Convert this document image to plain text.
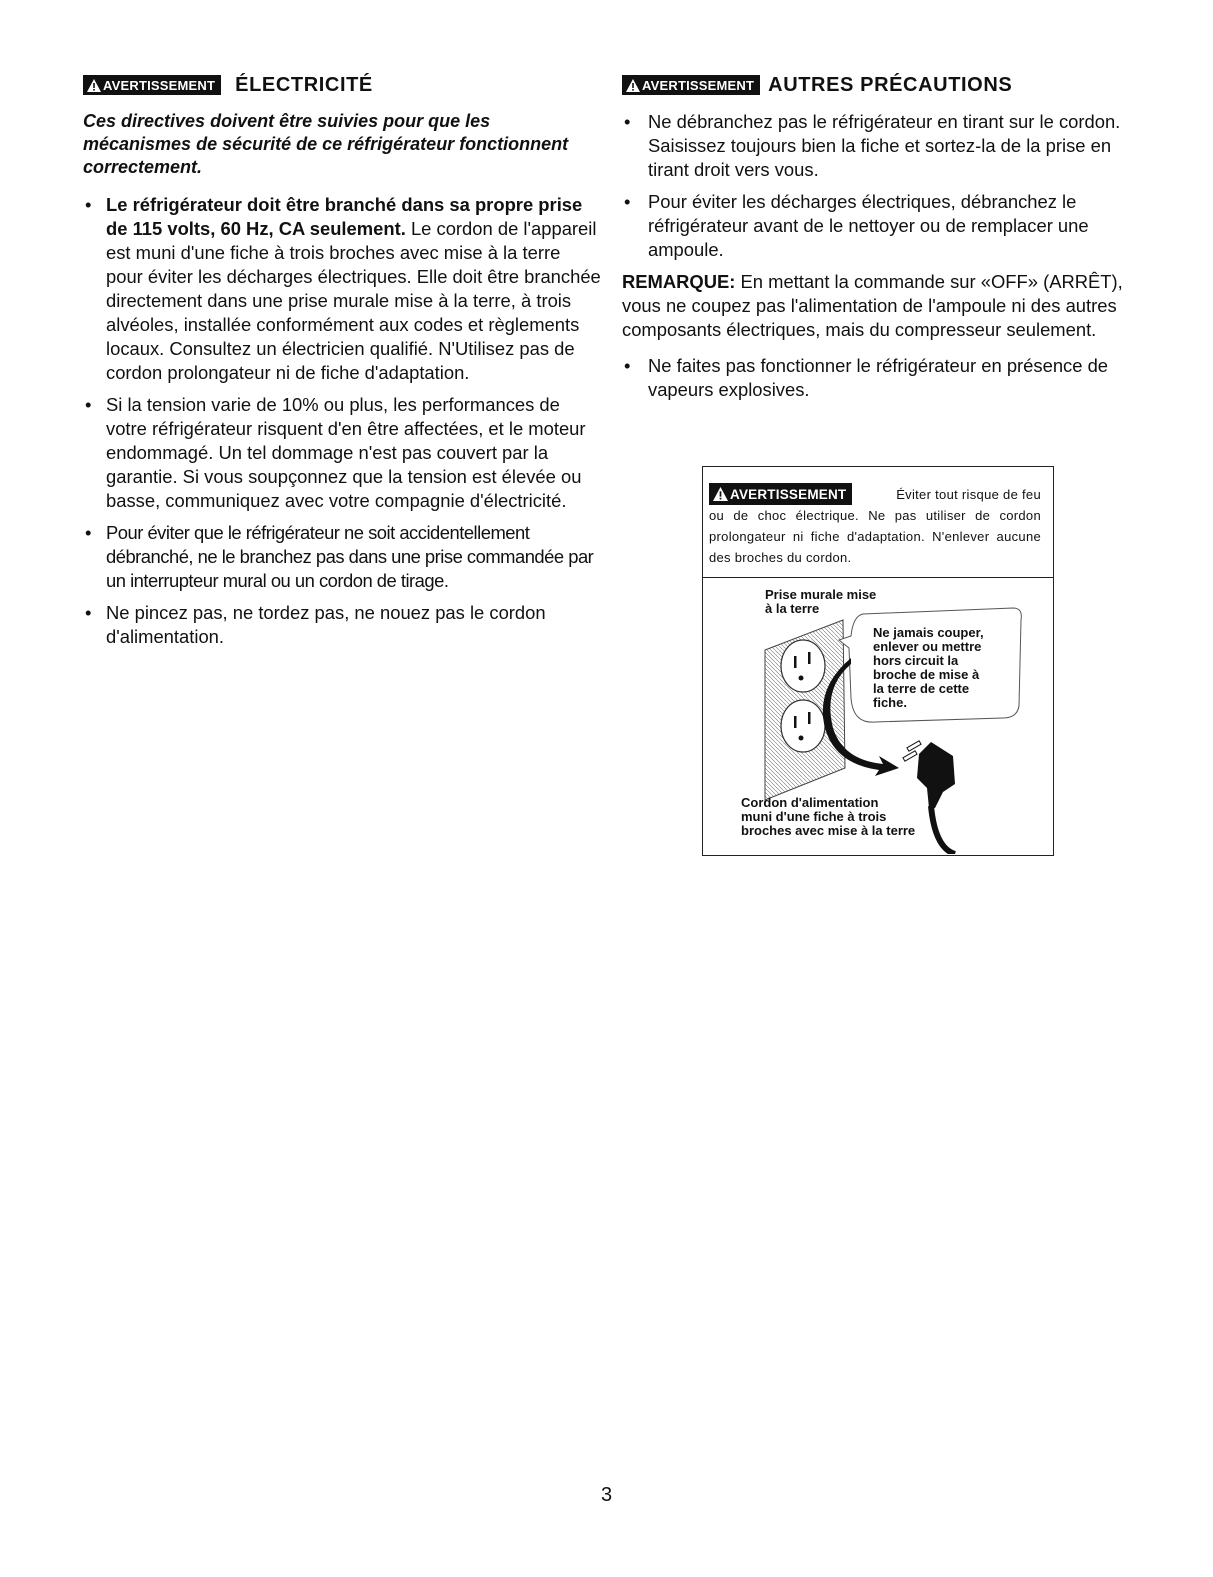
AVERTISSEMENT ÉLECTRICITÉ

Ces directives doivent être suivies pour que les mécanismes de sécurité de ce réfrigérateur fonctionnent correctement.

• Le réfrigérateur doit être branché dans sa propre prise de 115 volts, 60 Hz, CA seulement. Le cordon de l'appareil est muni d'une fiche à trois broches avec mise à la terre pour éviter les décharges électriques. Elle doit être branchée directement dans une prise murale mise à la terre, à trois alvéoles, installée conformément aux codes et règlements locaux. Consultez un électricien qualifié. N'Utilisez pas de cordon prolongateur ni de fiche d'adaptation.
• Si la tension varie de 10% ou plus, les performances de votre réfrigérateur risquent d'en être affectées, et le moteur endommagé. Un tel dommage n'est pas couvert par la garantie. Si vous soupçonnez que la tension est élevée ou basse, communiquez avec votre compagnie d'électricité.
• Pour éviter que le réfrigérateur ne soit accidentellement débranché, ne le branchez pas dans une prise commandée par un interrupteur mural ou un cordon de tirage.
• Ne pincez pas, ne tordez pas, ne nouez pas le cordon d'alimentation.
AVERTISSEMENT AUTRES PRÉCAUTIONS
• Ne débranchez pas le réfrigérateur en tirant sur le cordon. Saisissez toujours bien la fiche et sortez-la de la prise en tirant droit vers vous.
• Pour éviter les décharges électriques, débranchez le réfrigérateur avant de le nettoyer ou de remplacer une ampoule.

REMARQUE: En mettant la commande sur «OFF» (ARRÊT), vous ne coupez pas l'alimentation de l'ampoule ni des autres composants électriques, mais du compresseur seulement.

• Ne faites pas fonctionner le réfrigérateur en présence de vapeurs explosives.
AVERTISSEMENT	Éviter tout risque de feu
ou de choc électrique. Ne pas utiliser de cordon prolongateur ni fiche d'adaptation. N'enlever aucune des broches du cordon.
Prise murale mise
à la terre
Ne jamais couper,
enlever ou mettre
hors circuit la
broche de mise à
la terre de cette
fiche.
Cordon d'alimentation
muni d'une fiche à trois
broches avec mise à la terre
3
